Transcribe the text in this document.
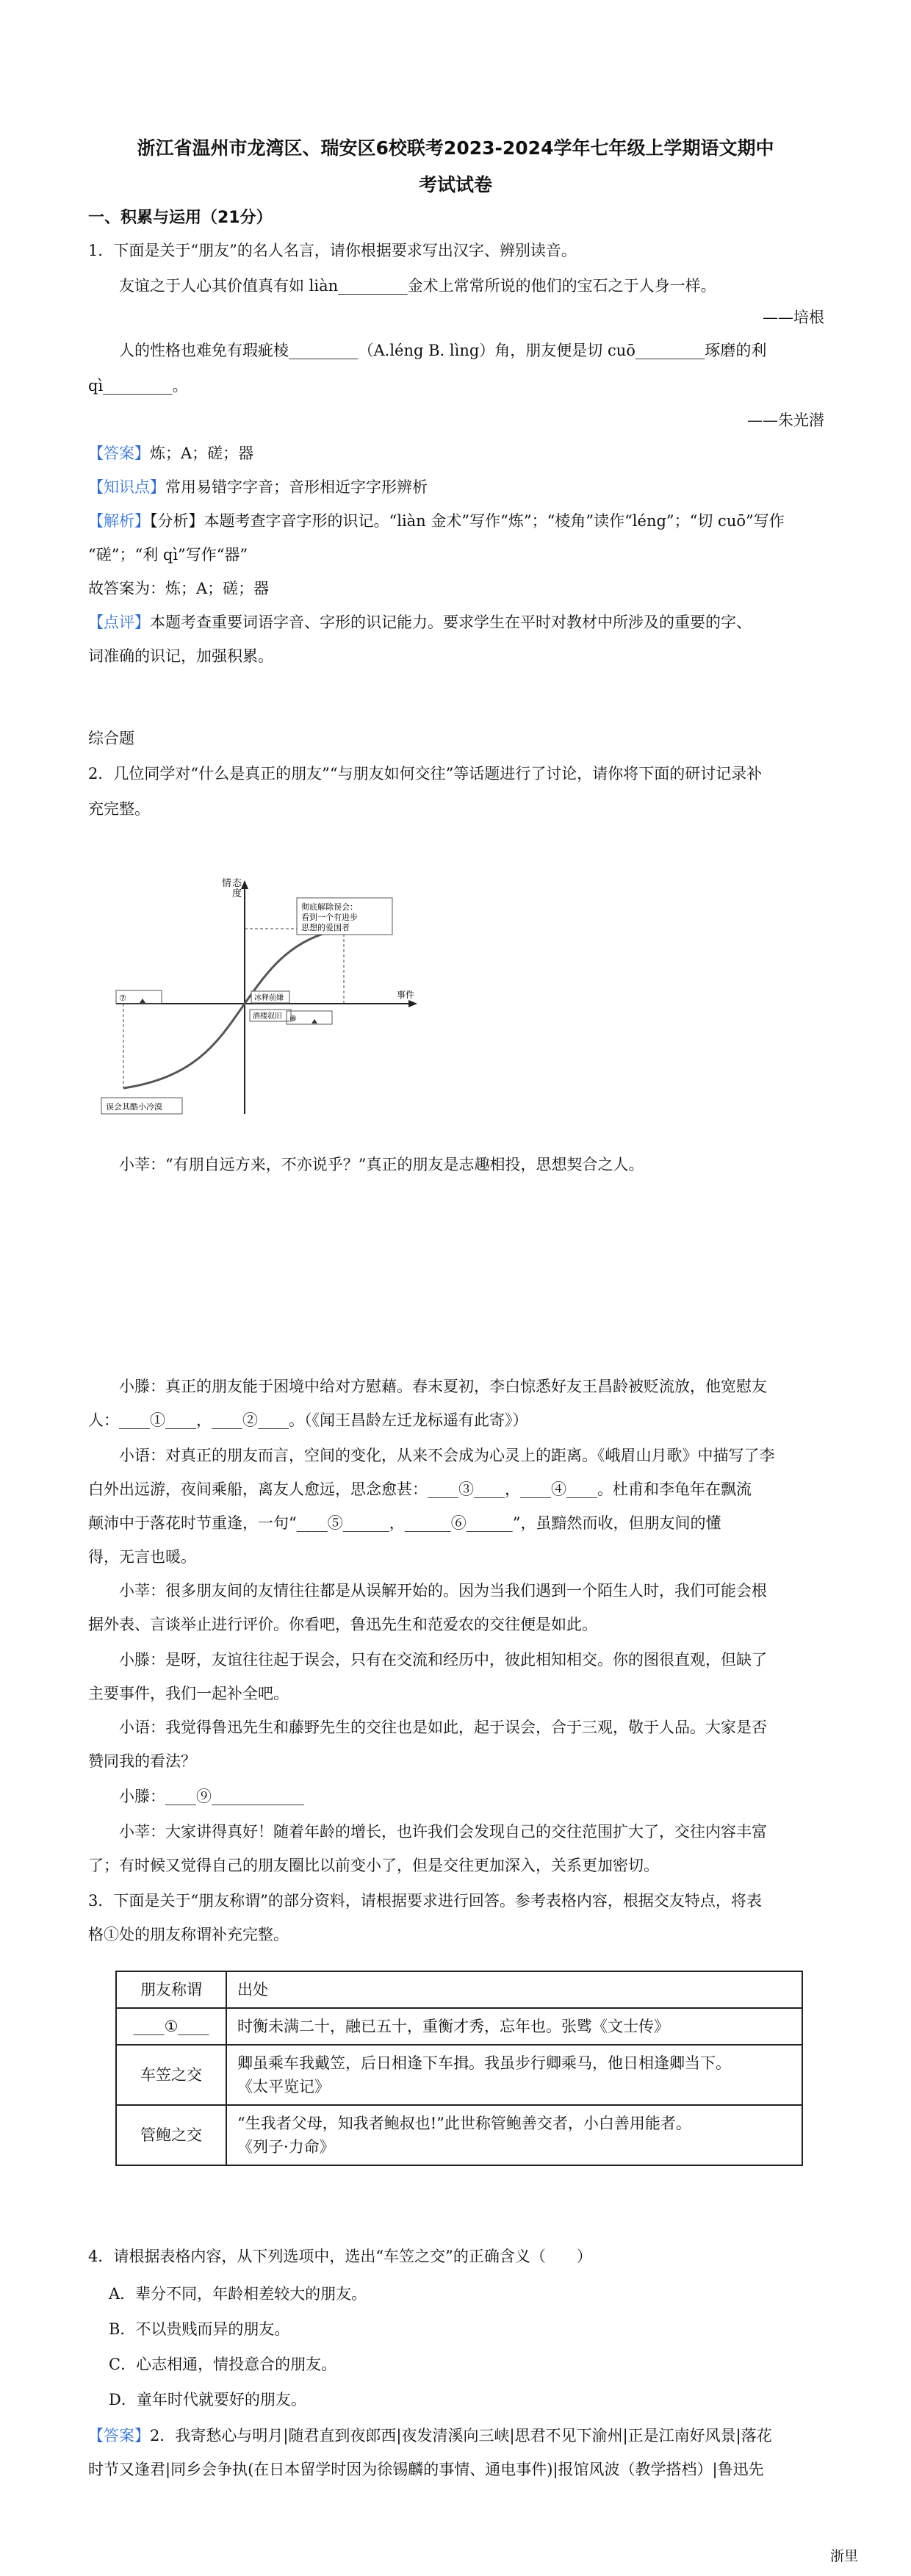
浙江省温州市龙湾区、瑞安区6校联考2023-2024学年七年级上学期语文期中
考试试卷
一、积累与运用（21分）
1．下面是关于“朋友”的名人名言，请你根据要求写出汉字、辨别读音。
友谊之于人心其价值真有如 liàn_________金术上常常所说的他们的宝石之于人身一样。
——培根
人的性格也难免有瑕疵棱_________（A.léng B. lìng）角，朋友便是切 cuō_________琢磨的利
qì_________。
——朱光潜
【答案】炼；A；磋；器
【知识点】常用易错字字音；音形相近字字形辨析
【解析】【分析】本题考查字音字形的识记。“liàn 金术”写作“炼”；“棱角”读作“léng”；“切 cuō”写作
“磋”；“利 qì”写作“器”
故答案为：炼；A；磋；器
【点评】本题考查重要词语字音、字形的识记能力。要求学生在平时对教材中所涉及的重要的字、
词准确的识记，加强积累。
综合题
2．几位同学对“什么是真正的朋友”“与朋友如何交往”等话题进行了讨论，请你将下面的研讨记录补
充完整。
彻底解除误会：看到一个有进步思想的爱国者
误会其酷小冷漠
情态度
事件
冰释前嫌
酒楼叙旧
⑦
⑧
小莘：“有朋自远方来，不亦说乎？”真正的朋友是志趣相投，思想契合之人。
小滕：真正的朋友能于困境中给对方慰藉。春末夏初，李白惊悉好友王昌龄被贬流放，他宽慰友
人：____①____，____②____。（《闻王昌龄左迁龙标遥有此寄》）
小语：对真正的朋友而言，空间的变化，从来不会成为心灵上的距离。《峨眉山月歌》中描写了李
白外出远游，夜间乘船，离友人愈远，思念愈甚：____③____，____④____。杜甫和李龟年在飘流
颠沛中于落花时节重逢，一句“____⑤______，______⑥______”，虽黯然而收，但朋友间的懂
得，无言也暖。
小莘：很多朋友间的友情往往都是从误解开始的。因为当我们遇到一个陌生人时，我们可能会根
据外表、言谈举止进行评价。你看吧，鲁迅先生和范爱农的交往便是如此。
小滕：是呀，友谊往往起于误会，只有在交流和经历中，彼此相知相交。你的图很直观，但缺了
主要事件，我们一起补全吧。
小语：我觉得鲁迅先生和藤野先生的交往也是如此，起于误会，合于三观，敬于人品。大家是否
赞同我的看法？
小滕：____⑨____________
小莘：大家讲得真好！随着年龄的增长，也许我们会发现自己的交往范围扩大了，交往内容丰富
了；有时候又觉得自己的朋友圈比以前变小了，但是交往更加深入，关系更加密切。
3．下面是关于“朋友称谓”的部分资料，请根据要求进行回答。参考表格内容，根据交友特点，将表
格①处的朋友称谓补充完整。
朋友称谓	出处
____①____	时衡未满二十，融已五十，重衡才秀，忘年也。张骘《文士传》
车笠之交	卿虽乘车我戴笠，后日相逢下车揖。我虽步行卿乘马，他日相逢卿当下。
《太平览记》

管鲍之交	“生我者父母，知我者鲍叔也!”此世称管鲍善交者，小白善用能者。
《列子·力命》
4．请根据表格内容，从下列选项中，选出“车笠之交”的正确含义（　　）
A．辈分不同，年龄相差较大的朋友。
B．不以贵贱而异的朋友。
C．心志相通，情投意合的朋友。
D．童年时代就要好的朋友。
【答案】2．我寄愁心与明月|随君直到夜郎西|夜发清溪向三峡|思君不见下渝州|正是江南好风景|落花
时节又逢君|同乡会争执(在日本留学时因为徐锡麟的事情、通电事件)|报馆风波（教学搭档）|鲁迅先
浙里
